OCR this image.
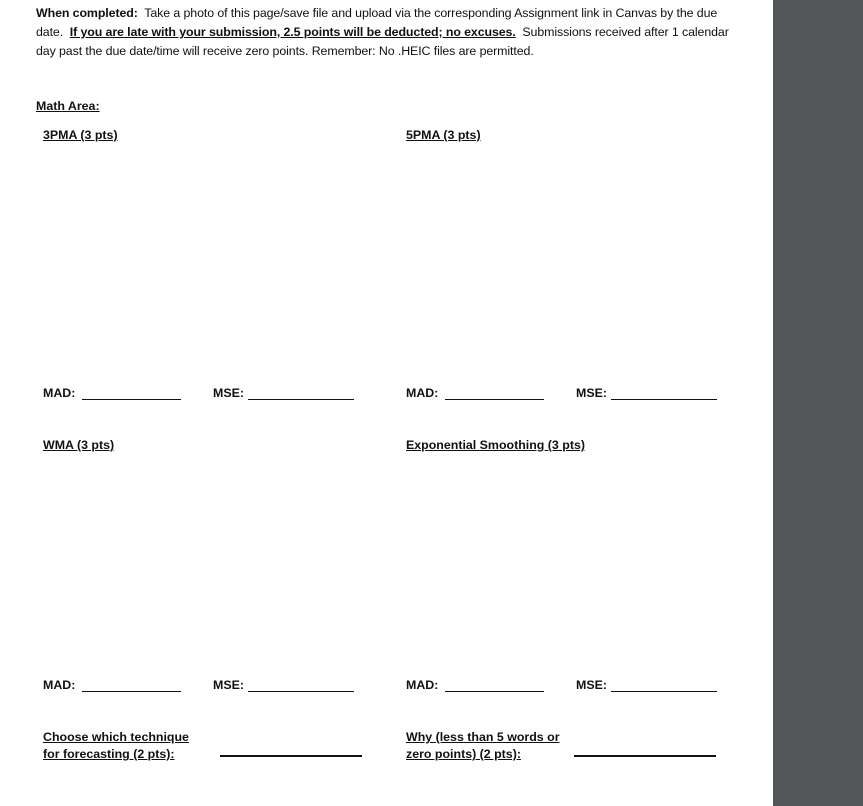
When completed: Take a photo of this page/save file and upload via the corresponding Assignment link in Canvas by the due date. If you are late with your submission, 2.5 points will be deducted; no excuses. Submissions received after 1 calendar day past the due date/time will receive zero points. Remember: No .HEIC files are permitted.
Math Area:
3PMA (3 pts)	5PMA (3 pts)
MAD:	MSE:	MAD:	MSE:
WMA (3 pts)	Exponential Smoothing (3 pts)
MAD:	MSE:	MAD:	MSE:
Choose which technique
for forecasting (2 pts):
Why (less than 5 words or
zero points) (2 pts):
